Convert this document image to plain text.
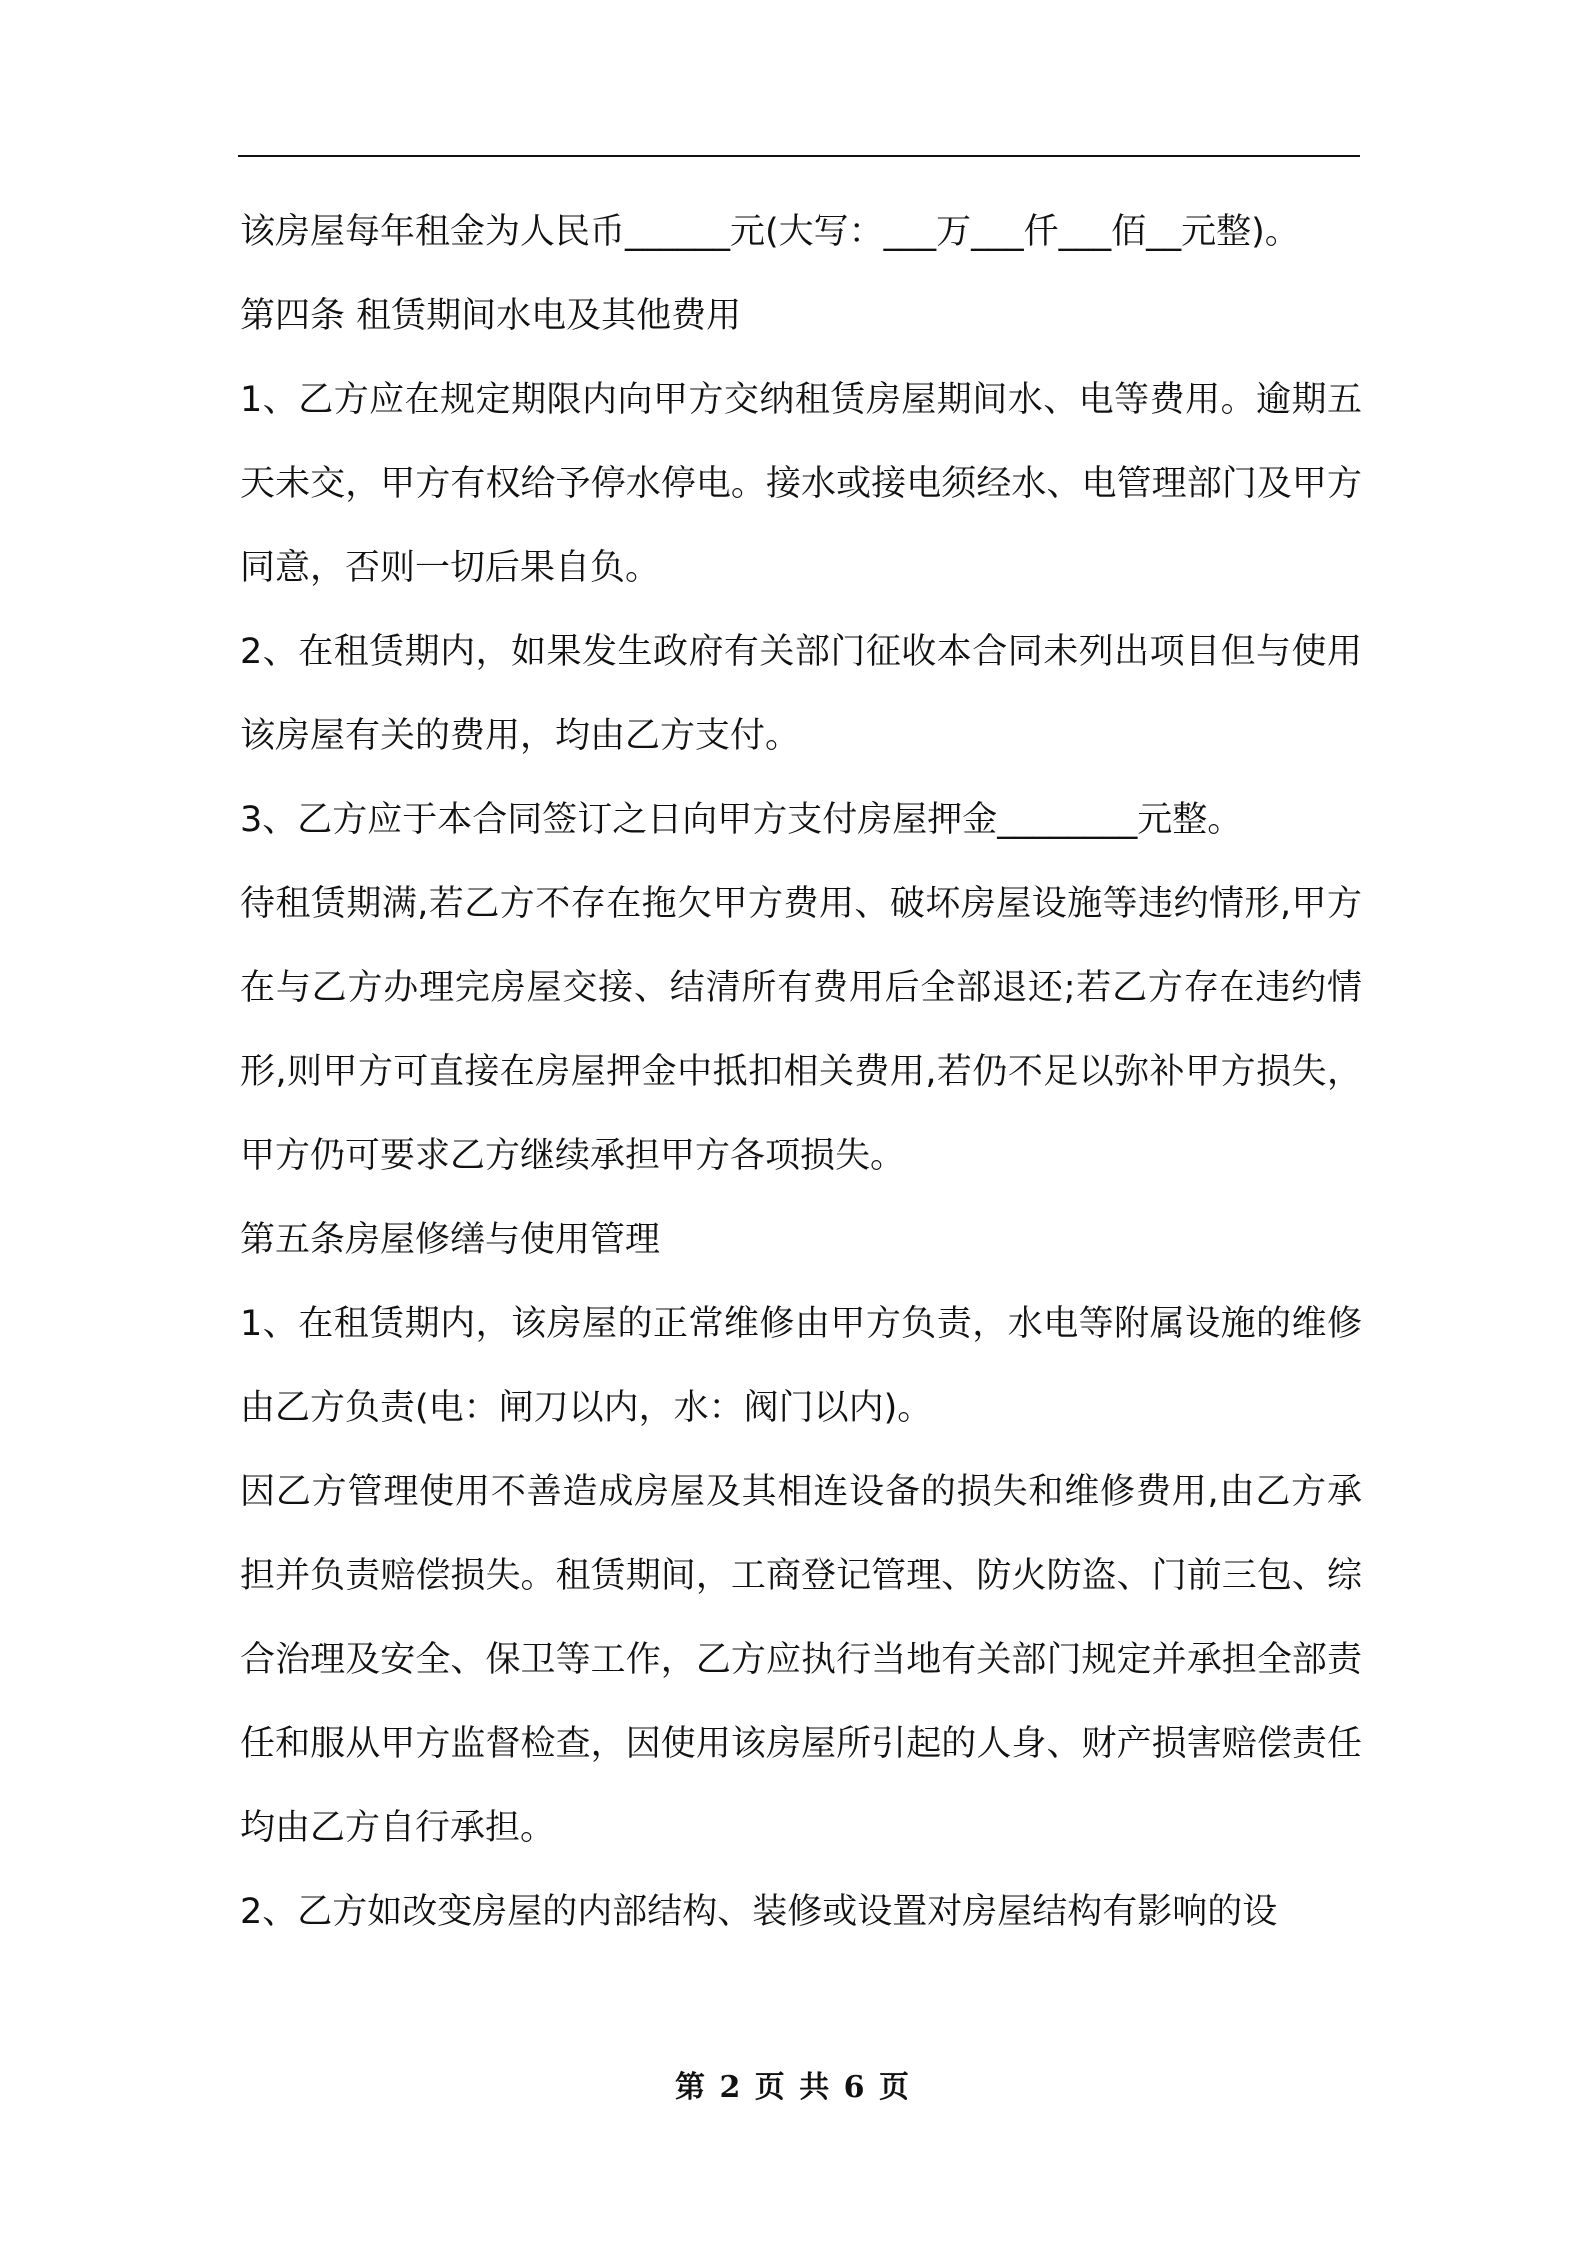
该房屋每年租金为人民币______元(大写：___万___仟___佰__元整)。

第四条 租赁期间水电及其他费用

1、乙方应在规定期限内向甲方交纳租赁房屋期间水、电等费用。逾期五天未交，甲方有权给予停水停电。接水或接电须经水、电管理部门及甲方同意，否则一切后果自负。

2、在租赁期内，如果发生政府有关部门征收本合同未列出项目但与使用该房屋有关的费用，均由乙方支付。

3、乙方应于本合同签订之日向甲方支付房屋押金________元整。

待租赁期满,若乙方不存在拖欠甲方费用、破坏房屋设施等违约情形,甲方在与乙方办理完房屋交接、结清所有费用后全部退还;若乙方存在违约情形,则甲方可直接在房屋押金中抵扣相关费用,若仍不足以弥补甲方损失，甲方仍可要求乙方继续承担甲方各项损失。

第五条房屋修缮与使用管理

1、在租赁期内，该房屋的正常维修由甲方负责，水电等附属设施的维修由乙方负责(电：闸刀以内，水：阀门以内)。

因乙方管理使用不善造成房屋及其相连设备的损失和维修费用,由乙方承担并负责赔偿损失。租赁期间，工商登记管理、防火防盗、门前三包、综合治理及安全、保卫等工作，乙方应执行当地有关部门规定并承担全部责任和服从甲方监督检查，因使用该房屋所引起的人身、财产损害赔偿责任均由乙方自行承担。

2、乙方如改变房屋的内部结构、装修或设置对房屋结构有影响的设

第 2 页 共 6 页
